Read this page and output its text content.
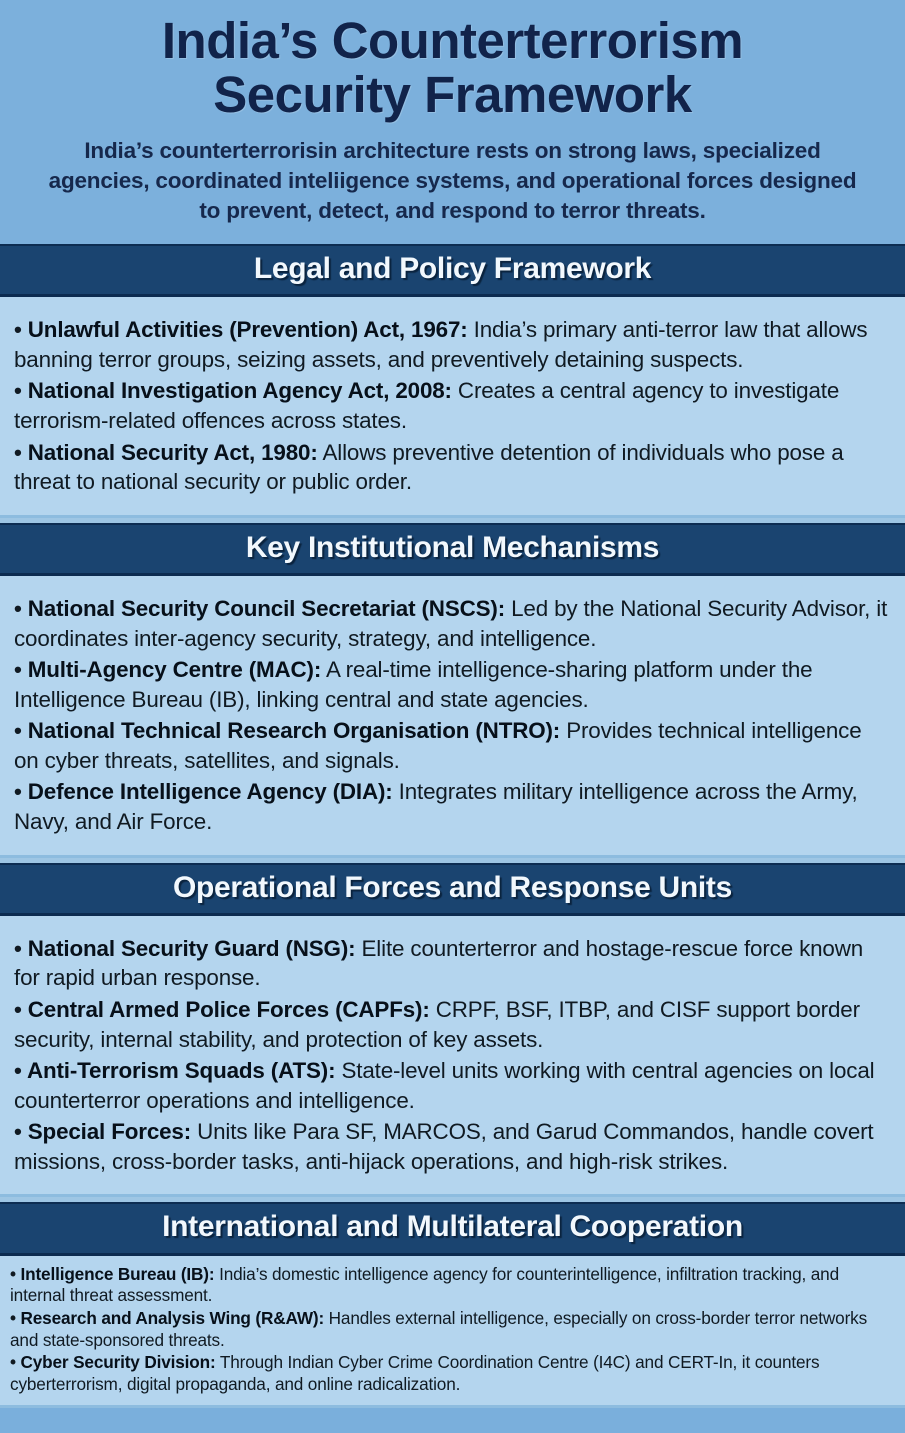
India’s Counterterrorism
Security Framework

India’s counterterrorisin architecture rests on strong laws, specialized agencies, coordinated inteliigence systems, and operational forces designed to prevent, detect, and respond to terror threats.

Legal and Policy Framework

• Unlawful Activities (Prevention) Act, 1967: India’s primary anti-terror law that allows banning terror groups, seizing assets, and preventively detaining suspects.

• National Investigation Agency Act, 2008: Creates a central agency to investigate terrorism-related offences across states.

• National Security Act, 1980: Allows preventive detention of individuals who pose a threat to national security or public order.

Key Institutional Mechanisms

• National Security Council Secretariat (NSCS): Led by the National Security Advisor, it coordinates inter-agency security, strategy, and intelligence.

• Multi-Agency Centre (MAC): A real-time intelligence-sharing platform under the Intelligence Bureau (IB), linking central and state agencies.

• National Technical Research Organisation (NTRO): Provides technical intelligence on cyber threats, satellites, and signals.

• Defence Intelligence Agency (DIA): Integrates military intelligence across the Army, Navy, and Air Force.

Operational Forces and Response Units

• National Security Guard (NSG): Elite counterterror and hostage-rescue force known for rapid urban response.

• Central Armed Police Forces (CAPFs): CRPF, BSF, ITBP, and CISF support border security, internal stability, and protection of key assets.

• Anti-Terrorism Squads (ATS): State-level units working with central agencies on local counterterror operations and intelligence.

• Special Forces: Units like Para SF, MARCOS, and Garud Commandos, handle covert missions, cross-border tasks, anti-hijack operations, and high-risk strikes.

International and Multilateral Cooperation

• Intelligence Bureau (IB): India’s domestic intelligence agency for counterintelligence, infiltration tracking, and internal threat assessment.

• Research and Analysis Wing (R&AW): Handles external intelligence, especially on cross-border terror networks and state-sponsored threats.

• Cyber Security Division: Through Indian Cyber Crime Coordination Centre (I4C) and CERT-In, it counters cyberterrorism, digital propaganda, and online radicalization.
